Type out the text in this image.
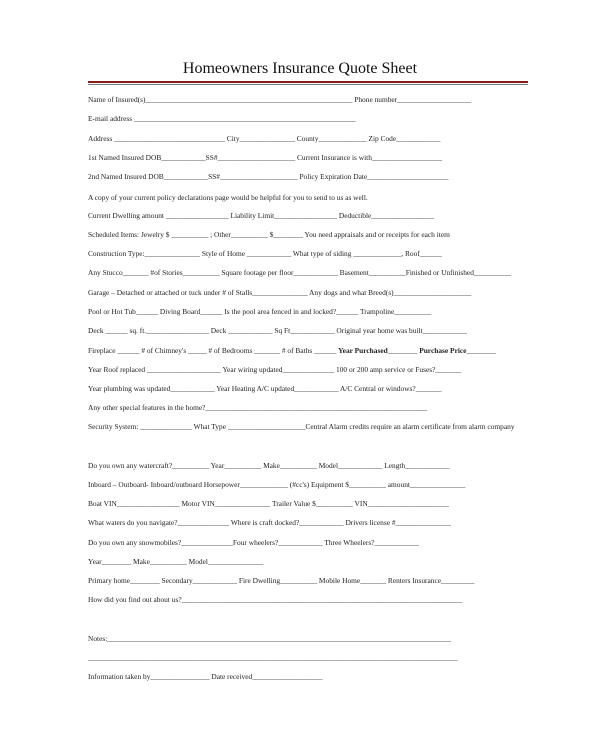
Homeowners Insurance Quote Sheet
Name of Insured(s)________________________________________________________ Phone number____________________
E-mail address ____________________________________________________________
Address ______________________________ City_______________ County_____________ Zip Code____________
1st Named Insured DOB____________SS#_____________________ Current Insurance is with___________________
2nd Named Insured DOB____________SS#_____________________ Policy Expiration Date______________________
A copy of your current policy declarations page would be helpful for you to send to us as well.
Current Dwelling amount _________________ Liability Limit_________________ Deductible_________________
Scheduled Items: Jewelry $ __________ ; Other__________ $________ You need appraisals and or receipts for each item
Construction Type:_______________ Style of Home ____________ What type of siding _____________, Roof______
Any Stucco_______ #of Stories__________ Square footage per floor____________ Basement__________Finished or Unfinished__________
Garage – Detached or attached or tuck under # of Stalls_______________ Any dogs and what Breed(s)_____________________
Pool or Hot Tub______ Diving Board______ Is the pool area fenced in and locked?______ Trampoline__________
Deck ______ sq. ft._________________ Deck ____________ Sq Ft____________ Original year home was built____________
Fireplace ______ # of Chimney's _____ # of Bedrooms _______ # of Baths ______ Year Purchased________ Purchase Price________
Year Roof replaced ____________________ Year wiring updated______________ 100 or 200 amp service or Fuses?_______
Year plumbing was updated____________ Year Heating A/C updated____________ A/C Central or windows?_______
Any other special features in the home?____________________________________________________________
Security System: ______________ What Type _____________________Central Alarm credits require an alarm certificate from alarm company
Do you own any watercraft?__________ Year__________ Make__________ Model____________ Length____________
Inboard – Outboard- Inboard/outboard Horsepower_____________ (#cc's) Equipment $__________ amount_______________
Boat VIN_________________ Motor VIN_______________ Trailer Value $__________ VIN______________________
What waters do you navigate?______________ Where is craft docked?____________ Drivers license #_______________
Do you own any snowmobiles?______________Four wheelers?____________ Three Wheelers?____________
Year________ Make__________ Model_______________
Primary home________ Secondary____________ Fire Dwelling__________ Mobile Home_______ Renters Insurance_________
How did you find out about us?____________________________________________________________________________
Notes:_____________________________________________________________________________________________
____________________________________________________________________________________________________
Information taken by________________ Date received___________________
